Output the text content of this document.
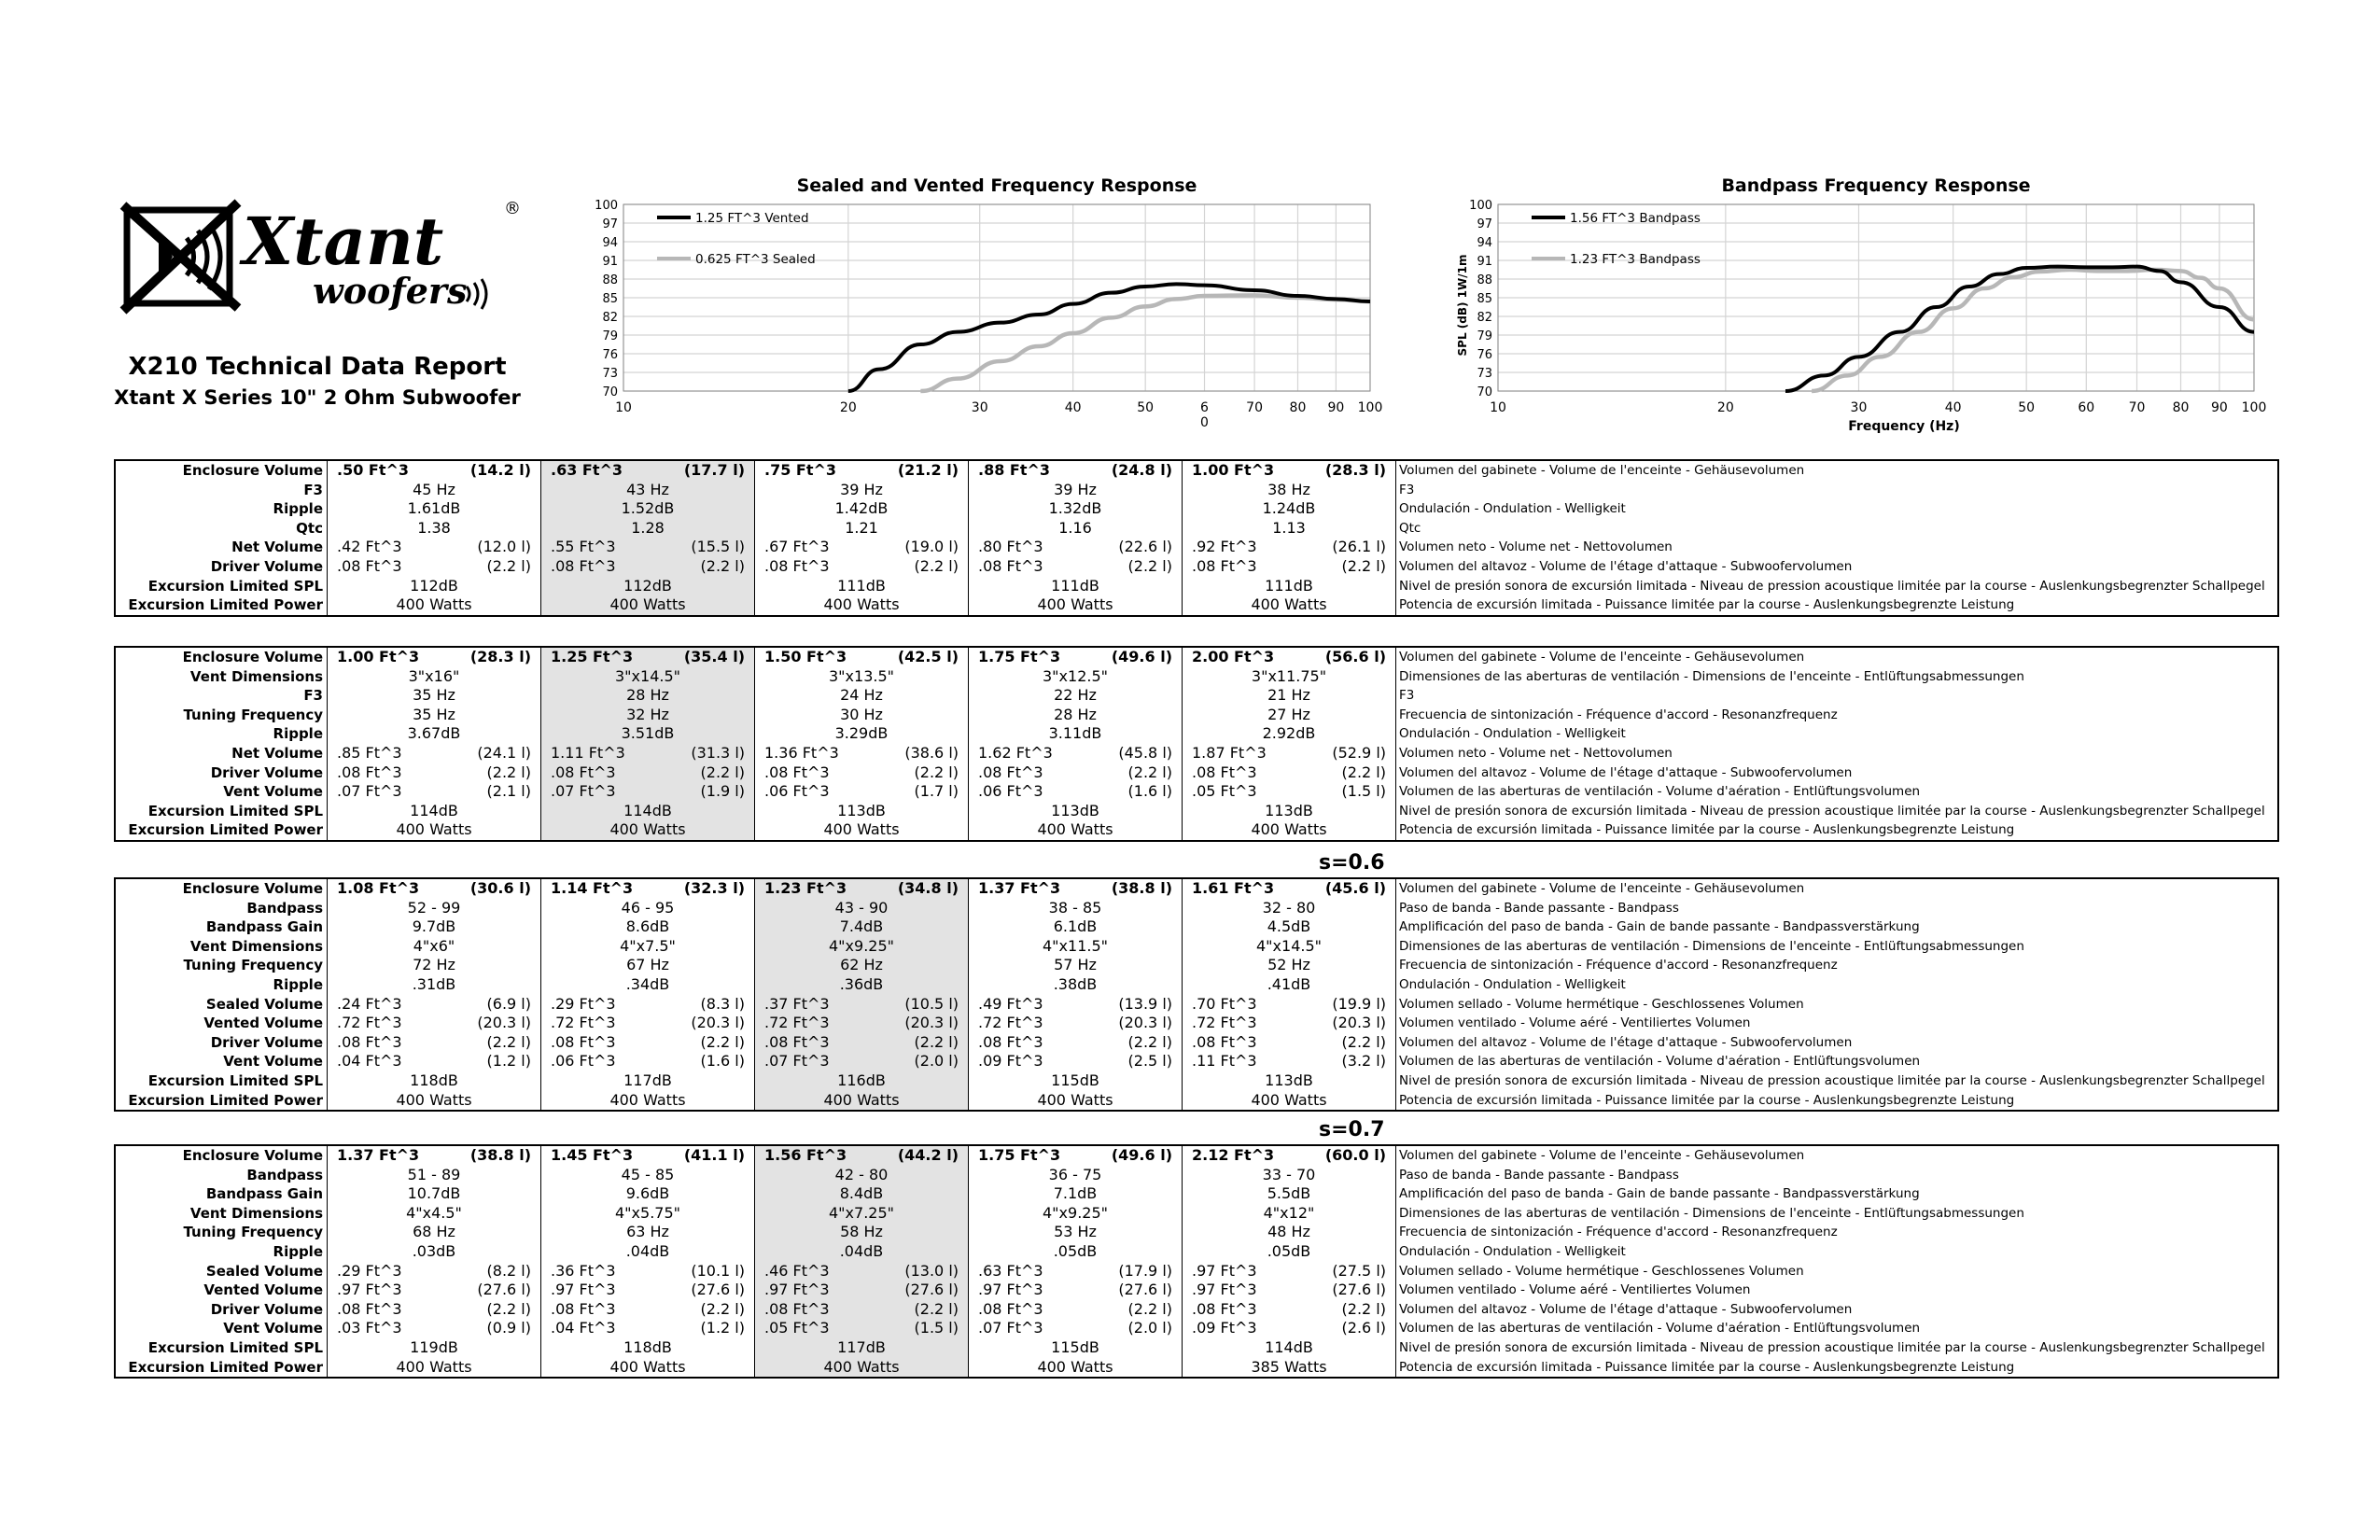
Xtant
woofers
®
X210 Technical Data Report
Xtant X Series 10" 2 Ohm Subwoofer
Sealed and Vented Frequency Response
100
97
94
91
88
85
82
79
76
73
70
10	20	30	40	50	6
0
70 80 90 100
1.25 FT^3 Vented
0.625 FT^3 Sealed
Bandpass Frequency Response
100
97
94
91
88
85
82
79
76
73
70
10	20	30	40	50	60	70 80 90 100
Frequency (Hz)
SPL (dB) 1W/1m
1.56 FT^3 Bandpass
1.23 FT^3 Bandpass
Enclosure Volume	.50 Ft^3 (14.2 l)	.63 Ft^3 (17.7 l)	.75 Ft^3 (21.2 l)	.88 Ft^3 (24.8 l)	1.00 Ft^3 (28.3 l)	Volumen del gabinete - Volume de l'enceinte - Gehäusevolumen
F3	45 Hz	43 Hz	39 Hz	39 Hz	38 Hz	F3
Ripple	1.61dB	1.52dB	1.42dB	1.32dB	1.24dB	Ondulación - Ondulation - Welligkeit
Qtc	1.38	1.28	1.21	1.16	1.13	Qtc
Net Volume	.42 Ft^3 (12.0 l)	.55 Ft^3 (15.5 l)	.67 Ft^3 (19.0 l)	.80 Ft^3 (22.6 l)	.92 Ft^3 (26.1 l)	Volumen neto - Volume net - Nettovolumen
Driver Volume	.08 Ft^3 (2.2 l)	.08 Ft^3 (2.2 l)	.08 Ft^3 (2.2 l)	.08 Ft^3 (2.2 l)	.08 Ft^3 (2.2 l)	Volumen del altavoz - Volume de l'étage d'attaque - Subwoofervolumen
Excursion Limited SPL	112dB	112dB	111dB	111dB	111dB	Nivel de presión sonora de excursión limitada - Niveau de pression acoustique limitée par la course - Auslenkungsbegrenzter Schallpegel
Excursion Limited Power	400 Watts	400 Watts	400 Watts	400 Watts	400 Watts	Potencia de excursión limitada - Puissance limitée par la course - Auslenkungsbegrenzte Leistung
Enclosure Volume	1.00 Ft^3 (28.3 l)	1.25 Ft^3 (35.4 l)	1.50 Ft^3 (42.5 l)	1.75 Ft^3 (49.6 l)	2.00 Ft^3 (56.6 l)	Volumen del gabinete - Volume de l'enceinte - Gehäusevolumen
Vent Dimensions	3"x16"	3"x14.5"	3"x13.5"	3"x12.5"	3"x11.75"	Dimensiones de las aberturas de ventilación - Dimensions de l'enceinte - Entlüftungsabmessungen
F3	35 Hz	28 Hz	24 Hz	22 Hz	21 Hz	F3
Tuning Frequency	35 Hz	32 Hz	30 Hz	28 Hz	27 Hz	Frecuencia de sintonización - Fréquence d'accord - Resonanzfrequenz
Ripple	3.67dB	3.51dB	3.29dB	3.11dB	2.92dB	Ondulación - Ondulation - Welligkeit
Net Volume	.85 Ft^3 (24.1 l)	1.11 Ft^3 (31.3 l)	1.36 Ft^3 (38.6 l)	1.62 Ft^3 (45.8 l)	1.87 Ft^3 (52.9 l)	Volumen neto - Volume net - Nettovolumen
Driver Volume	.08 Ft^3 (2.2 l)	.08 Ft^3 (2.2 l)	.08 Ft^3 (2.2 l)	.08 Ft^3 (2.2 l)	.08 Ft^3 (2.2 l)	Volumen del altavoz - Volume de l'étage d'attaque - Subwoofervolumen
Vent Volume	.07 Ft^3 (2.1 l)	.07 Ft^3 (1.9 l)	.06 Ft^3 (1.7 l)	.06 Ft^3 (1.6 l)	.05 Ft^3 (1.5 l)	Volumen de las aberturas de ventilación - Volume d'aération - Entlüftungsvolumen
Excursion Limited SPL	114dB	114dB	113dB	113dB	113dB	Nivel de presión sonora de excursión limitada - Niveau de pression acoustique limitée par la course - Auslenkungsbegrenzter Schallpegel
Excursion Limited Power	400 Watts	400 Watts	400 Watts	400 Watts	400 Watts	Potencia de excursión limitada - Puissance limitée par la course - Auslenkungsbegrenzte Leistung
s=0.6
Enclosure Volume	1.08 Ft^3 (30.6 l)	1.14 Ft^3 (32.3 l)	1.23 Ft^3 (34.8 l)	1.37 Ft^3 (38.8 l)	1.61 Ft^3 (45.6 l)	Volumen del gabinete - Volume de l'enceinte - Gehäusevolumen
Bandpass	52 - 99	46 - 95	43 - 90	38 - 85	32 - 80	Paso de banda - Bande passante - Bandpass
Bandpass Gain	9.7dB	8.6dB	7.4dB	6.1dB	4.5dB	Amplificación del paso de banda - Gain de bande passante - Bandpassverstärkung
Vent Dimensions	4"x6"	4"x7.5"	4"x9.25"	4"x11.5"	4"x14.5"	Dimensiones de las aberturas de ventilación - Dimensions de l'enceinte - Entlüftungsabmessungen
Tuning Frequency	72 Hz	67 Hz	62 Hz	57 Hz	52 Hz	Frecuencia de sintonización - Fréquence d'accord - Resonanzfrequenz
Ripple	.31dB	.34dB	.36dB	.38dB	.41dB	Ondulación - Ondulation - Welligkeit
Sealed Volume	.24 Ft^3 (6.9 l)	.29 Ft^3 (8.3 l)	.37 Ft^3 (10.5 l)	.49 Ft^3 (13.9 l)	.70 Ft^3 (19.9 l)	Volumen sellado - Volume hermétique - Geschlossenes Volumen
Vented Volume	.72 Ft^3 (20.3 l)	.72 Ft^3 (20.3 l)	.72 Ft^3 (20.3 l)	.72 Ft^3 (20.3 l)	.72 Ft^3 (20.3 l)	Volumen ventilado - Volume aéré - Ventiliertes Volumen
Driver Volume	.08 Ft^3 (2.2 l)	.08 Ft^3 (2.2 l)	.08 Ft^3 (2.2 l)	.08 Ft^3 (2.2 l)	.08 Ft^3 (2.2 l)	Volumen del altavoz - Volume de l'étage d'attaque - Subwoofervolumen
Vent Volume	.04 Ft^3 (1.2 l)	.06 Ft^3 (1.6 l)	.07 Ft^3 (2.0 l)	.09 Ft^3 (2.5 l)	.11 Ft^3 (3.2 l)	Volumen de las aberturas de ventilación - Volume d'aération - Entlüftungsvolumen
Excursion Limited SPL	118dB	117dB	116dB	115dB	113dB	Nivel de presión sonora de excursión limitada - Niveau de pression acoustique limitée par la course - Auslenkungsbegrenzter Schallpegel
Excursion Limited Power	400 Watts	400 Watts	400 Watts	400 Watts	400 Watts	Potencia de excursión limitada - Puissance limitée par la course - Auslenkungsbegrenzte Leistung
s=0.7
Enclosure Volume	1.37 Ft^3 (38.8 l)	1.45 Ft^3 (41.1 l)	1.56 Ft^3 (44.2 l)	1.75 Ft^3 (49.6 l)	2.12 Ft^3 (60.0 l)	Volumen del gabinete - Volume de l'enceinte - Gehäusevolumen
Bandpass	51 - 89	45 - 85	42 - 80	36 - 75	33 - 70	Paso de banda - Bande passante - Bandpass
Bandpass Gain	10.7dB	9.6dB	8.4dB	7.1dB	5.5dB	Amplificación del paso de banda - Gain de bande passante - Bandpassverstärkung
Vent Dimensions	4"x4.5"	4"x5.75"	4"x7.25"	4"x9.25"	4"x12"	Dimensiones de las aberturas de ventilación - Dimensions de l'enceinte - Entlüftungsabmessungen
Tuning Frequency	68 Hz	63 Hz	58 Hz	53 Hz	48 Hz	Frecuencia de sintonización - Fréquence d'accord - Resonanzfrequenz
Ripple	.03dB	.04dB	.04dB	.05dB	.05dB	Ondulación - Ondulation - Welligkeit
Sealed Volume	.29 Ft^3 (8.2 l)	.36 Ft^3 (10.1 l)	.46 Ft^3 (13.0 l)	.63 Ft^3 (17.9 l)	.97 Ft^3 (27.5 l)	Volumen sellado - Volume hermétique - Geschlossenes Volumen
Vented Volume	.97 Ft^3 (27.6 l)	.97 Ft^3 (27.6 l)	.97 Ft^3 (27.6 l)	.97 Ft^3 (27.6 l)	.97 Ft^3 (27.6 l)	Volumen ventilado - Volume aéré - Ventiliertes Volumen
Driver Volume	.08 Ft^3 (2.2 l)	.08 Ft^3 (2.2 l)	.08 Ft^3 (2.2 l)	.08 Ft^3 (2.2 l)	.08 Ft^3 (2.2 l)	Volumen del altavoz - Volume de l'étage d'attaque - Subwoofervolumen
Vent Volume	.03 Ft^3 (0.9 l)	.04 Ft^3 (1.2 l)	.05 Ft^3 (1.5 l)	.07 Ft^3 (2.0 l)	.09 Ft^3 (2.6 l)	Volumen de las aberturas de ventilación - Volume d'aération - Entlüftungsvolumen
Excursion Limited SPL	119dB	118dB	117dB	115dB	114dB	Nivel de presión sonora de excursión limitada - Niveau de pression acoustique limitée par la course - Auslenkungsbegrenzter Schallpegel
Excursion Limited Power	400 Watts	400 Watts	400 Watts	400 Watts	385 Watts	Potencia de excursión limitada - Puissance limitée par la course - Auslenkungsbegrenzte Leistung
